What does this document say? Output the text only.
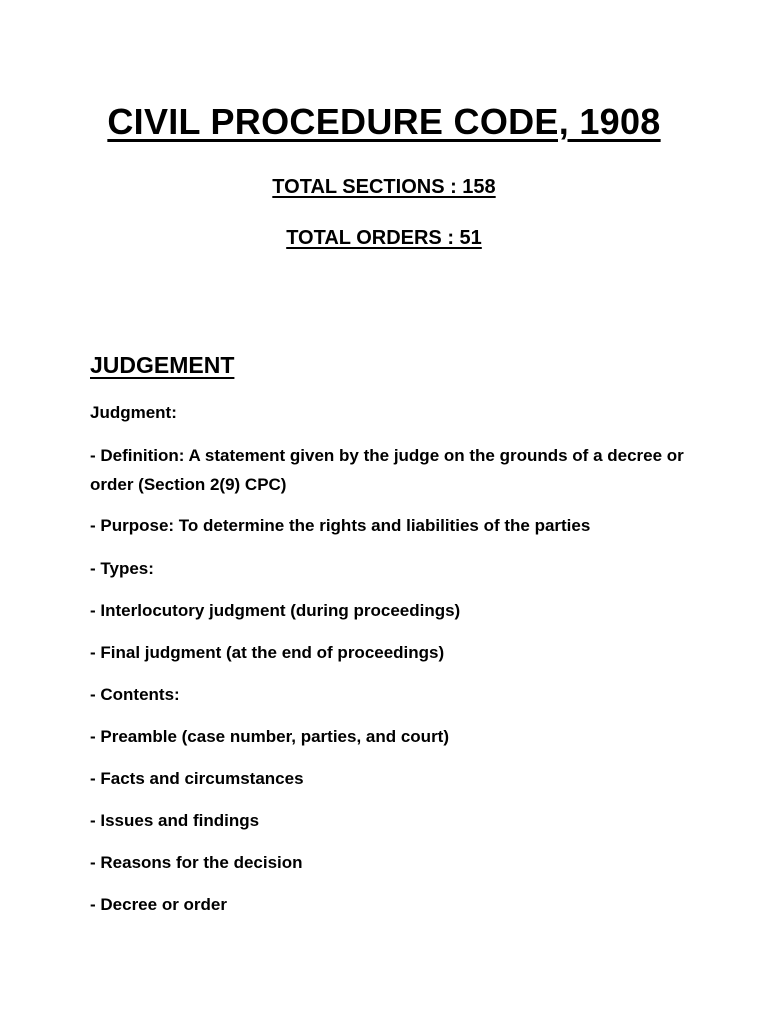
CIVIL PROCEDURE CODE, 1908
TOTAL SECTIONS : 158
TOTAL ORDERS : 51
JUDGEMENT
Judgment:
- Definition: A statement given by the judge on the grounds of a decree or order (Section 2(9) CPC)
- Purpose: To determine the rights and liabilities of the parties
- Types:
- Interlocutory judgment (during proceedings)
- Final judgment (at the end of proceedings)
- Contents:
- Preamble (case number, parties, and court)
- Facts and circumstances
- Issues and findings
- Reasons for the decision
- Decree or order
